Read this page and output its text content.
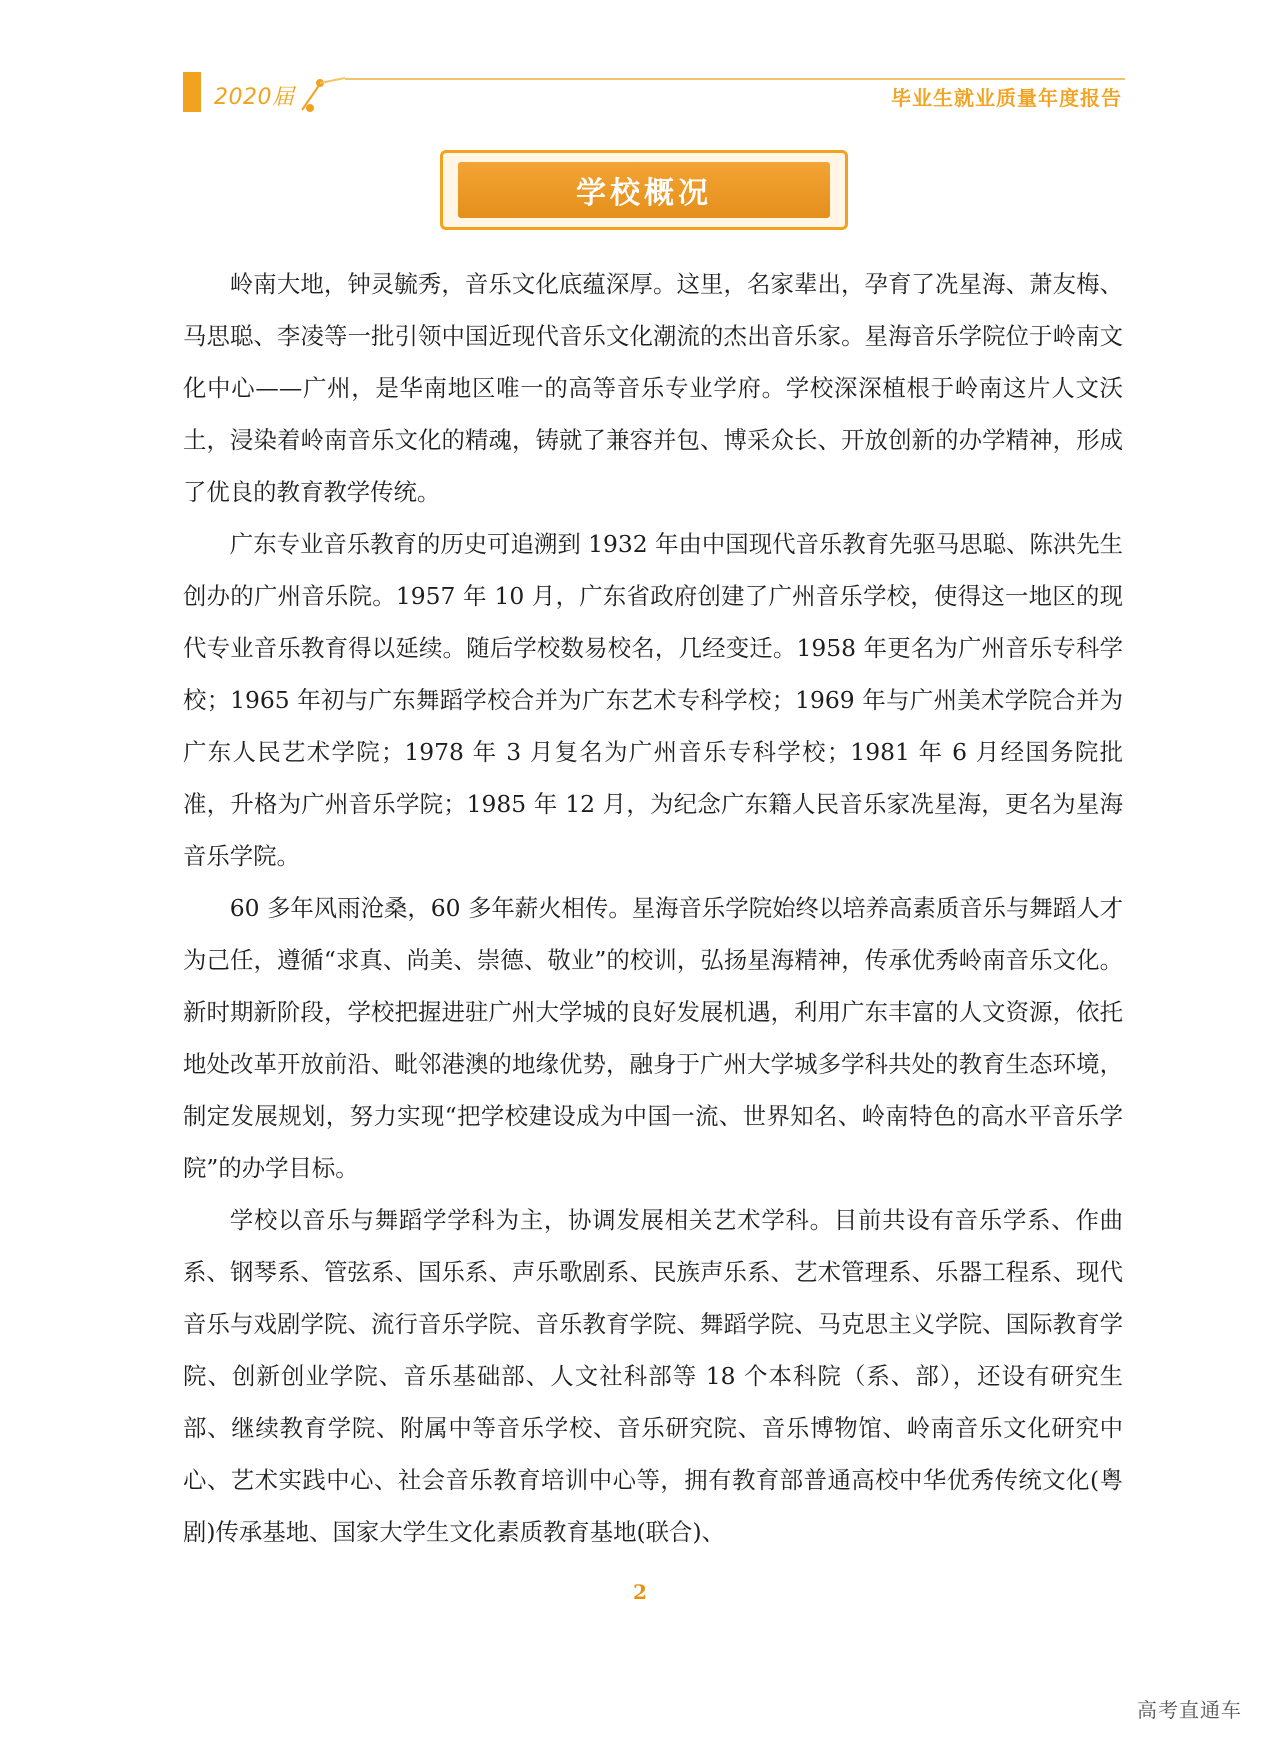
2020届	毕业生就业质量年度报告
学校概况

岭南大地，钟灵毓秀，音乐文化底蕴深厚。这里，名家辈出，孕育了冼星海、萧友梅、马思聪、李凌等一批引领中国近现代音乐文化潮流的杰出音乐家。星海音乐学院位于岭南文化中心——广州，是华南地区唯一的高等音乐专业学府。学校深深植根于岭南这片人文沃土，浸染着岭南音乐文化的精魂，铸就了兼容并包、博采众长、开放创新的办学精神，形成了优良的教育教学传统。

广东专业音乐教育的历史可追溯到 1932 年由中国现代音乐教育先驱马思聪、陈洪先生创办的广州音乐院。1957 年 10 月，广东省政府创建了广州音乐学校，使得这一地区的现代专业音乐教育得以延续。随后学校数易校名，几经变迁。1958 年更名为广州音乐专科学校；1965 年初与广东舞蹈学校合并为广东艺术专科学校；1969 年与广州美术学院合并为广东人民艺术学院；1978 年 3 月复名为广州音乐专科学校；1981 年 6 月经国务院批准，升格为广州音乐学院；1985 年 12 月，为纪念广东籍人民音乐家冼星海，更名为星海音乐学院。

60 多年风雨沧桑，60 多年薪火相传。星海音乐学院始终以培养高素质音乐与舞蹈人才为己任，遵循“求真、尚美、崇德、敬业”的校训，弘扬星海精神，传承优秀岭南音乐文化。新时期新阶段，学校把握进驻广州大学城的良好发展机遇，利用广东丰富的人文资源，依托地处改革开放前沿、毗邻港澳的地缘优势，融身于广州大学城多学科共处的教育生态环境，制定发展规划，努力实现“把学校建设成为中国一流、世界知名、岭南特色的高水平音乐学院”的办学目标。

学校以音乐与舞蹈学学科为主，协调发展相关艺术学科。目前共设有音乐学系、作曲系、钢琴系、管弦系、国乐系、声乐歌剧系、民族声乐系、艺术管理系、乐器工程系、现代音乐与戏剧学院、流行音乐学院、音乐教育学院、舞蹈学院、马克思主义学院、国际教育学院、创新创业学院、音乐基础部、人文社科部等 18 个本科院（系、部），还设有研究生部、继续教育学院、附属中等音乐学校、音乐研究院、音乐博物馆、岭南音乐文化研究中心、艺术实践中心、社会音乐教育培训中心等，拥有教育部普通高校中华优秀传统文化(粤剧)传承基地、国家大学生文化素质教育基地(联合)、

2
高考直通车
